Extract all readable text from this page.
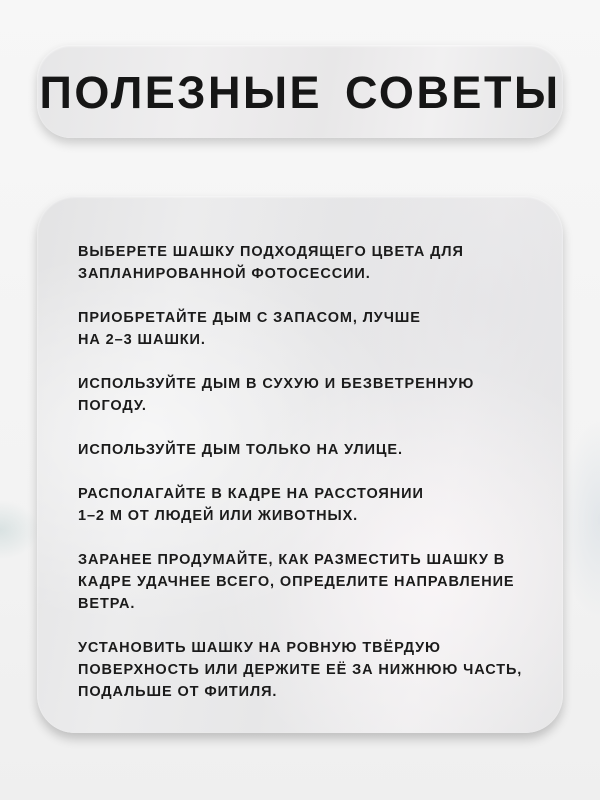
ПОЛЕЗНЫЕ СОВЕТЫ
ВЫБЕРЕТЕ ШАШКУ ПОДХОДЯЩЕГО ЦВЕТА ДЛЯ
ЗАПЛАНИРОВАННОЙ ФОТОСЕССИИ.
ПРИОБРЕТАЙТЕ ДЫМ С ЗАПАСОМ, ЛУЧШЕ
НА 2–3 ШАШКИ.
ИСПОЛЬЗУЙТЕ ДЫМ В СУХУЮ И БЕЗВЕТРЕННУЮ
ПОГОДУ.
ИСПОЛЬЗУЙТЕ ДЫМ ТОЛЬКО НА УЛИЦЕ.
РАСПОЛАГАЙТЕ В КАДРЕ НА РАССТОЯНИИ
1–2 М ОТ ЛЮДЕЙ ИЛИ ЖИВОТНЫХ.
ЗАРАНЕЕ ПРОДУМАЙТЕ, КАК РАЗМЕСТИТЬ ШАШКУ В
КАДРЕ УДАЧНЕЕ ВСЕГО, ОПРЕДЕЛИТЕ НАПРАВЛЕНИЕ
ВЕТРА.
УСТАНОВИТЬ ШАШКУ НА РОВНУЮ ТВЁРДУЮ
ПОВЕРХНОСТЬ ИЛИ ДЕРЖИТЕ ЕЁ ЗА НИЖНЮЮ ЧАСТЬ,
ПОДАЛЬШЕ ОТ ФИТИЛЯ.
